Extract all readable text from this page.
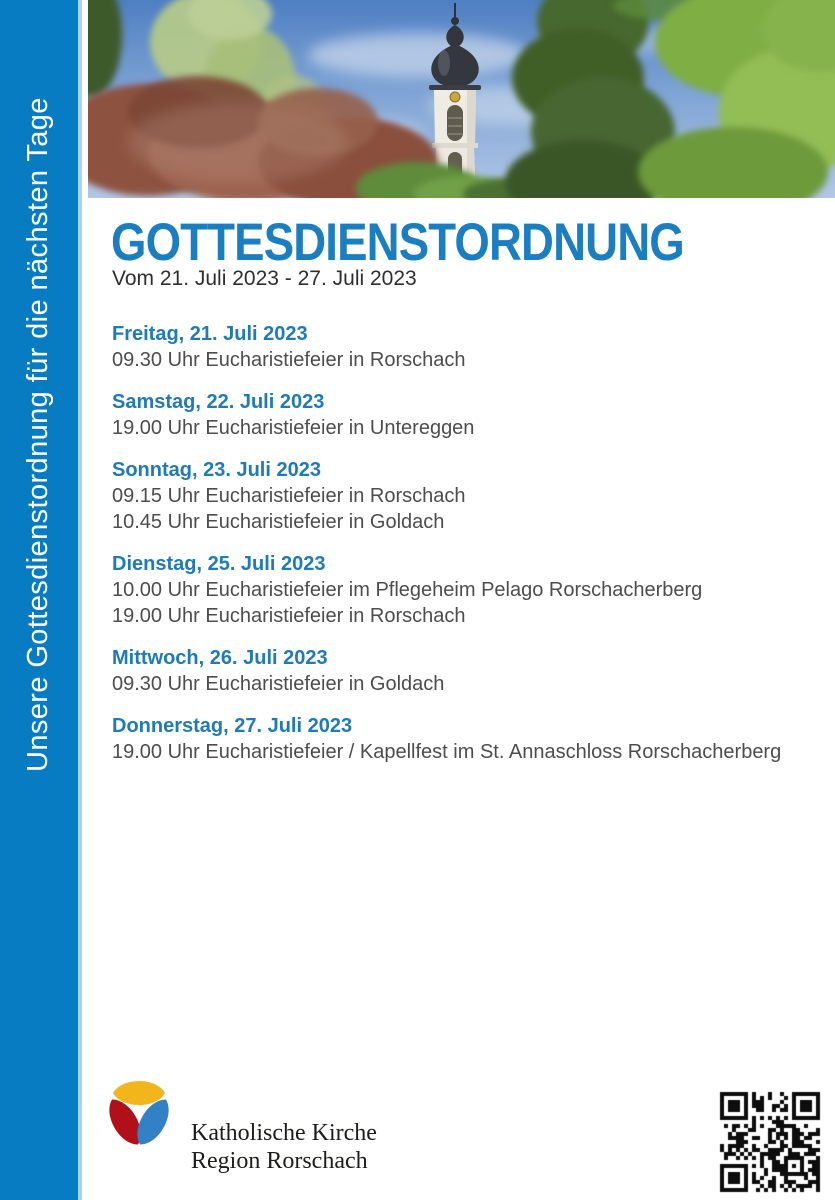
Unsere Gottesdienstordnung für die nächsten Tage GOTTESDIENSTORDNUNG
Vom 21. Juli 2023 - 27. Juli 2023
Freitag, 21. Juli 2023
09.30 Uhr Eucharistiefeier in Rorschach
Samstag, 22. Juli 2023
19.00 Uhr Eucharistiefeier in Untereggen
Sonntag, 23. Juli 2023
09.15 Uhr Eucharistiefeier in Rorschach
10.45 Uhr Eucharistiefeier in Goldach
Dienstag, 25. Juli 2023
10.00 Uhr Eucharistiefeier im Pflegeheim Pelago Rorschacherberg
19.00 Uhr Eucharistiefeier in Rorschach
Mittwoch, 26. Juli 2023
09.30 Uhr Eucharistiefeier in Goldach
Donnerstag, 27. Juli 2023
19.00 Uhr Eucharistiefeier / Kapellfest im St. Annaschloss Rorschacherberg
Katholische Kirche
Region Rorschach
